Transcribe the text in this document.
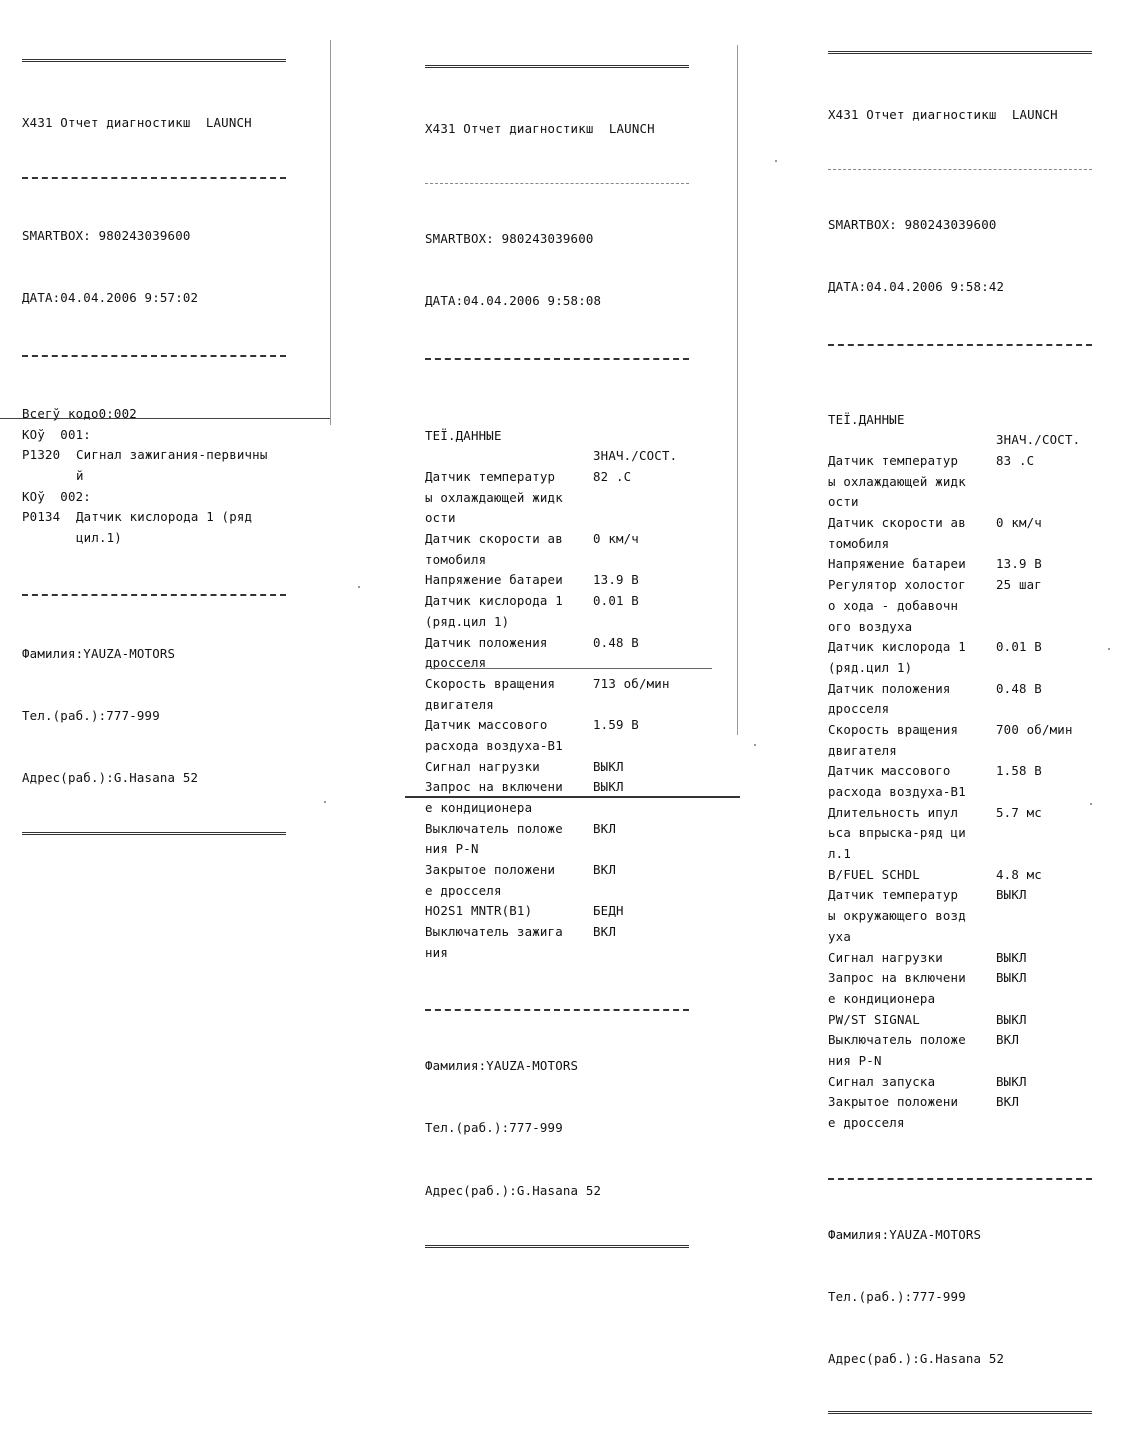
X431 Отчет диагностикш  LAUNCH

SMARTBOX: 980243039600

ДАТА:04.04.2006 9:57:02

Всегў кодо0:002
КОў  001:
P1320 Сигнал зажигания-первичны
й
КОў  002:
P0134 Датчик кислорода 1 (ряд
цил.1)

Фамилия:YAUZA-MOTORS

Тел.(раб.):777-999

Адрес(раб.):G.Hasana 52

X431 Отчет диагностикш  LAUNCH

SMARTBOX: 980243039600

ДАТА:04.04.2006 9:58:08

ТЕЇ.ДАННЫЕ

ЗНАЧ./СОСТ.

Датчик температур	82 .C
ы охлаждающей жидк
ости
Датчик скорости ав 0 км/ч
томобиля
Напряжение батареи 13.9 В
Датчик кислорода 1 0.01 В
(ряд.цил 1)
Датчик положения	0.48 В
дросселя
Скорость вращения	713 об/мин
двигателя
Датчик массового	1.59 В
расхода воздуха-B1
Сигнал нагрузки	ВЫКЛ
Запрос на включени ВЫКЛ
е кондиционера
Выключатель положе ВКЛ
ния P-N
Закрытое положени	ВКЛ
е дросселя
HO2S1 MNTR(B1)	БЕДН
Выключатель зажига ВКЛ
ния

Фамилия:YAUZA-MOTORS

Тел.(раб.):777-999

Адрес(раб.):G.Hasana 52

X431 Отчет диагностикш  LAUNCH

SMARTBOX: 980243039600

ДАТА:04.04.2006 9:58:42

ТЕЇ.ДАННЫЕ

ЗНАЧ./СОСТ.

Датчик температур	83 .C
ы охлаждающей жидк
ости
Датчик скорости ав 0 км/ч
томобиля
Напряжение батареи 13.9 В
Регулятор холостог 25 шаг
о хода - добавочн
ого воздуха
Датчик кислорода 1 0.01 В
(ряд.цил 1)
Датчик положения	0.48 В
дросселя
Скорость вращения	700 об/мин
двигателя
Датчик массового	1.58 В
расхода воздуха-B1
Длительность ипул	5.7 мс
ьса впрыска-ряд ци
л.1
B/FUEL SCHDL	4.8 мс
Датчик температур	ВЫКЛ
ы окружающего возд
уха
Сигнал нагрузки	ВЫКЛ
Запрос на включени ВЫКЛ
е кондиционера
PW/ST SIGNAL	ВЫКЛ
Выключатель положе ВКЛ
ния P-N
Сигнал запуска	ВЫКЛ
Закрытое положени	ВКЛ
е дросселя

Фамилия:YAUZA-MOTORS

Тел.(раб.):777-999

Адрес(раб.):G.Hasana 52
